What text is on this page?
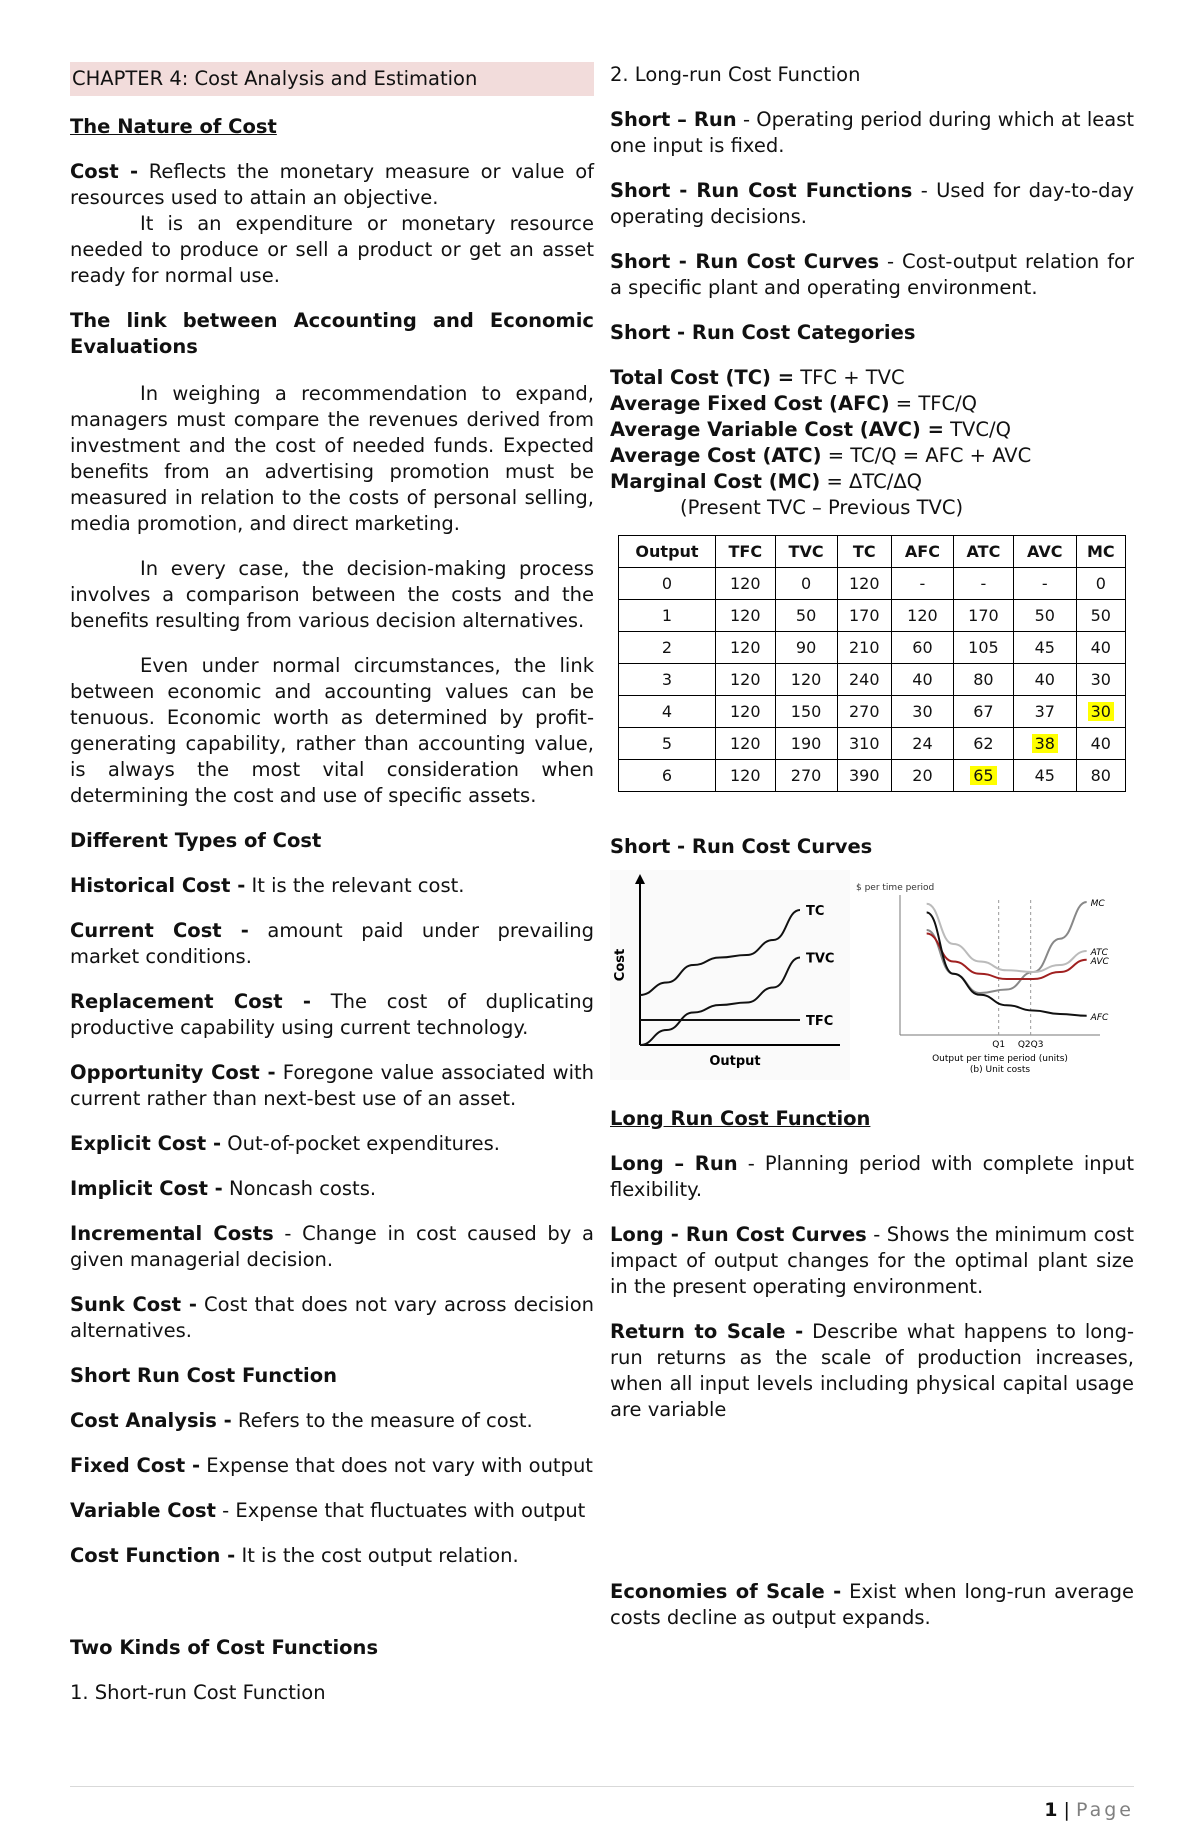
CHAPTER 4: Cost Analysis and Estimation

The Nature of Cost

Cost - Reflects the monetary measure or value of resources used to attain an objective.

It is an expenditure or monetary resource needed to produce or sell a product or get an asset ready for normal use.

The link between Accounting and Economic Evaluations

In weighing a recommendation to expand, managers must compare the revenues derived from investment and the cost of needed funds. Expected benefits from an advertising promotion must be measured in relation to the costs of personal selling, media promotion, and direct marketing.

In every case, the decision-making process involves a comparison between the costs and the benefits resulting from various decision alternatives.

Even under normal circumstances, the link between economic and accounting values can be tenuous. Economic worth as determined by profit-generating capability, rather than accounting value, is always the most vital consideration when determining the cost and use of specific assets.

Different Types of Cost

Historical Cost - It is the relevant cost.

Current Cost - amount paid under prevailing market conditions.

Replacement Cost - The cost of duplicating productive capability using current technology.

Opportunity Cost - Foregone value associated with current rather than next-best use of an asset.

Explicit Cost - Out-of-pocket expenditures.

Implicit Cost - Noncash costs.

Incremental Costs - Change in cost caused by a given managerial decision.

Sunk Cost - Cost that does not vary across decision alternatives.

Short Run Cost Function

Cost Analysis - Refers to the measure of cost.

Fixed Cost - Expense that does not vary with output

Variable Cost - Expense that fluctuates with output

Cost Function - It is the cost output relation.

Two Kinds of Cost Functions

1. Short-run Cost Function

2. Long-run Cost Function

Short – Run - Operating period during which at least one input is fixed.

Short - Run Cost Functions - Used for day-to-day operating decisions.

Short - Run Cost Curves - Cost-output relation for a specific plant and operating environment.

Short - Run Cost Categories

Total Cost (TC) = TFC + TVC
Average Fixed Cost (AFC) = TFC/Q
Average Variable Cost (AVC) = TVC/Q
Average Cost (ATC) = TC/Q = AFC + AVC
Marginal Cost (MC) = ΔTC/ΔQ
(Present TVC – Previous TVC)
Output	TFC	TVC	TC	AFC	ATC	AVC	MC
0	120	0	120	-	-	-	0
1	120	50	170	120	170	50	50
2	120	90	210	60	105	45	40
3	120	120	240	40	80	40	30
4	120	150	270	30	67	37	30
5	120	190	310	24	62	38	40
6	120	270	390	20	65	45	80

Short - Run Cost Curves

Cost
Output
TC
TVC
TFC
$ per time period
MC
ATC
AVC
AFC
Q1 Q2Q3
Output per time period (units)
(b) Unit costs

Long Run Cost Function

Long – Run - Planning period with complete input flexibility.

Long - Run Cost Curves - Shows the minimum cost impact of output changes for the optimal plant size in the present operating environment.

Return to Scale - Describe what happens to long-run returns as the scale of production increases, when all input levels including physical capital usage are variable

Economies of Scale - Exist when long-run average costs decline as output expands.

1 | Page
